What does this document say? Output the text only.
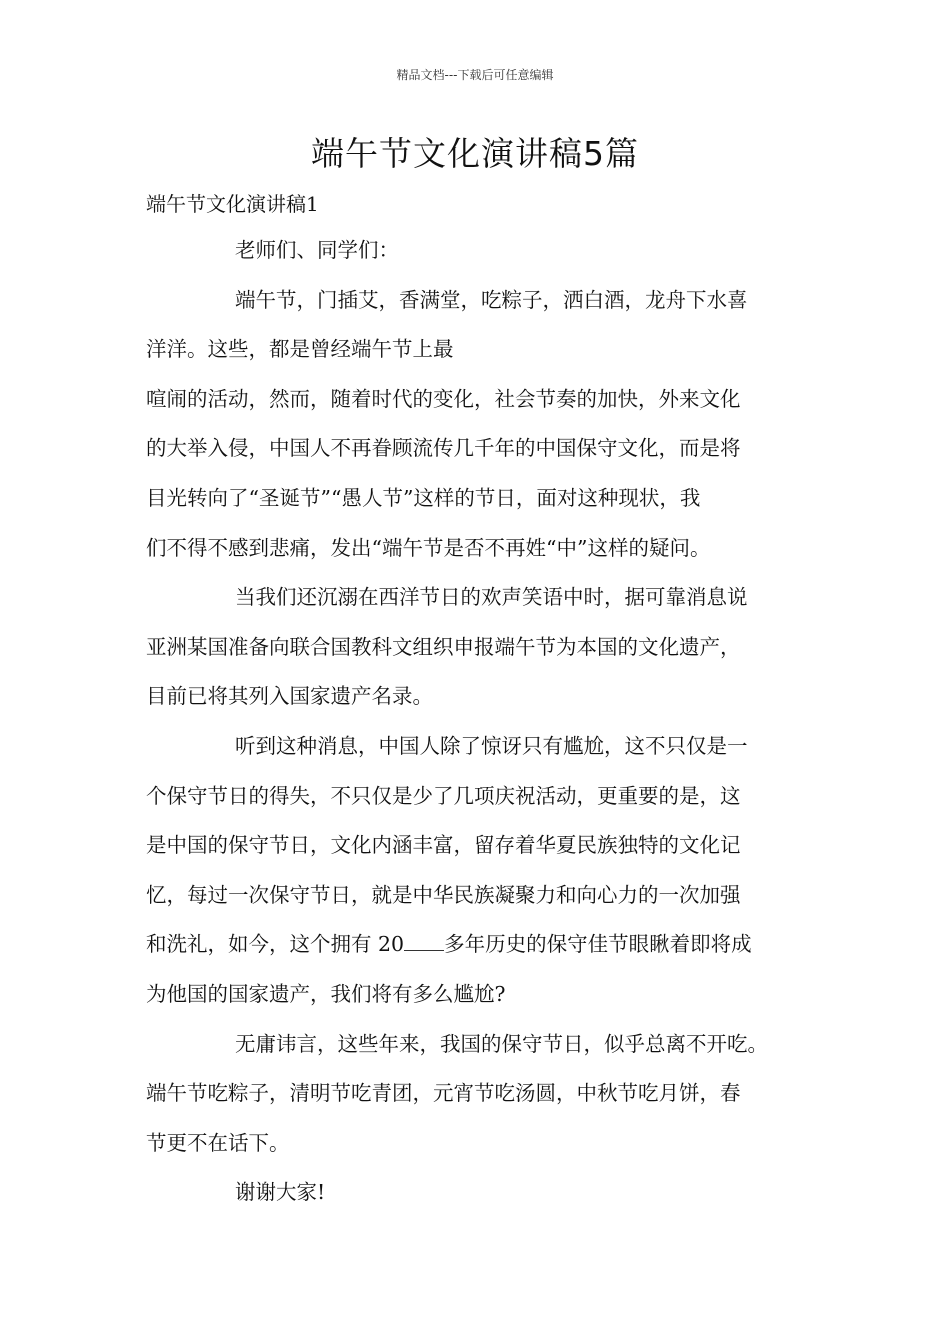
精品文档---下载后可任意编辑
端午节文化演讲稿5篇
端午节文化演讲稿1
老师们、同学们：
端午节，门插艾，香满堂，吃粽子，洒白酒，龙舟下水喜
洋洋。这些，都是曾经端午节上最
喧闹的活动，然而，随着时代的变化，社会节奏的加快，外来文化
的大举入侵，中国人不再眷顾流传几千年的中国保守文化，而是将
目光转向了“圣诞节”“愚人节”这样的节日，面对这种现状，我
们不得不感到悲痛，发出“端午节是否不再姓“中”这样的疑问。
当我们还沉溺在西洋节日的欢声笑语中时，据可靠消息说
亚洲某国准备向联合国教科文组织申报端午节为本国的文化遗产，
目前已将其列入国家遗产名录。
听到这种消息，中国人除了惊讶只有尴尬，这不只仅是一
个保守节日的得失，不只仅是少了几项庆祝活动，更重要的是，这
是中国的保守节日，文化内涵丰富，留存着华夏民族独特的文化记
忆，每过一次保守节日，就是中华民族凝聚力和向心力的一次加强
和洗礼，如今，这个拥有 20 多年历史的保守佳节眼瞅着即将成
为他国的国家遗产，我们将有多么尴尬?
无庸讳言，这些年来，我国的保守节日，似乎总离不开吃。
端午节吃粽子，清明节吃青团，元宵节吃汤圆，中秋节吃月饼，春
节更不在话下。
谢谢大家!
